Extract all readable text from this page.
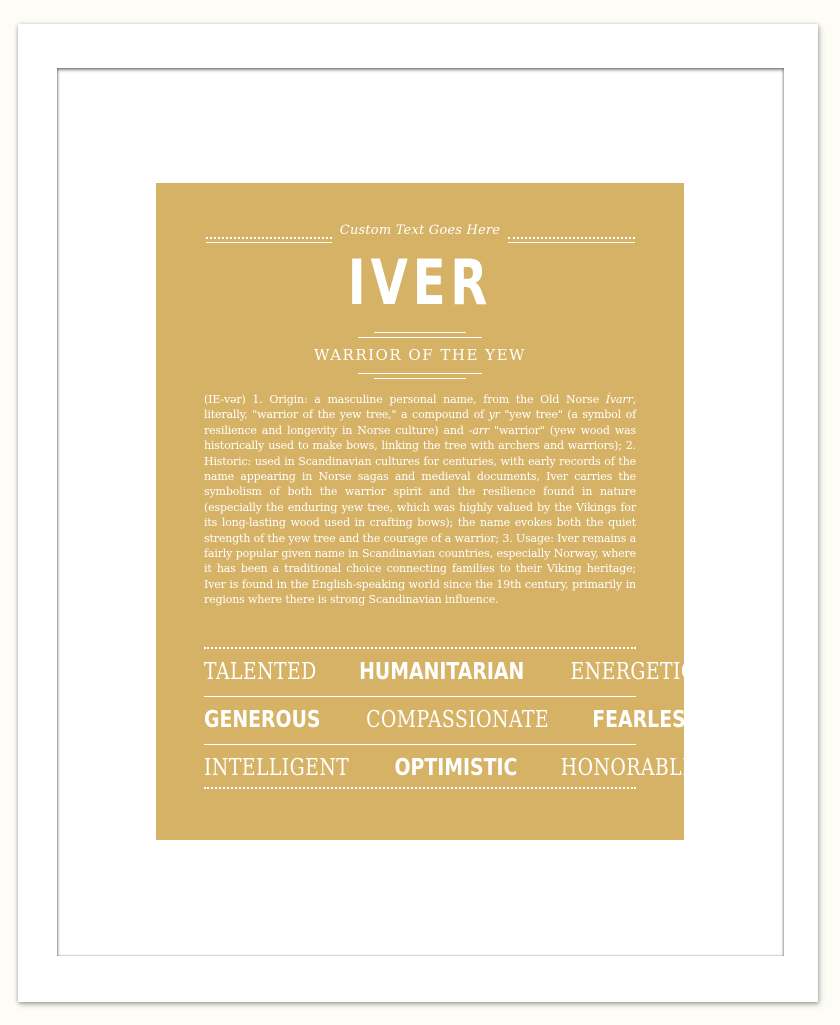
Custom Text Goes Here
IVER
WARRIOR OF THE YEW
(IE-vər) 1. Origin: a masculine personal name, from the Old Norse Ívarr, literally, "warrior of the yew tree," a compound of yr "yew tree" (a symbol of resilience and longevity in Norse culture) and -arr "warrior" (yew wood was historically used to make bows, linking the tree with archers and warriors); 2. Historic: used in Scandinavian cultures for centuries, with early records of the name appearing in Norse sagas and medieval documents, Iver carries the symbolism of both the warrior spirit and the resilience found in nature (especially the enduring yew tree, which was highly valued by the Vikings for its long-lasting wood used in crafting bows); the name evokes both the quiet strength of the yew tree and the courage of a warrior; 3. Usage: Iver remains a fairly popular given name in Scandinavian countries, especially Norway, where it has been a traditional choice connecting families to their Viking heritage; Iver is found in the English-speaking world since the 19th century, primarily in regions where there is strong Scandinavian influence.
TALENTED HUMANITARIAN ENERGETIC
GENEROUS COMPASSIONATE FEARLESS
INTELLIGENT OPTIMISTIC HONORABLE
